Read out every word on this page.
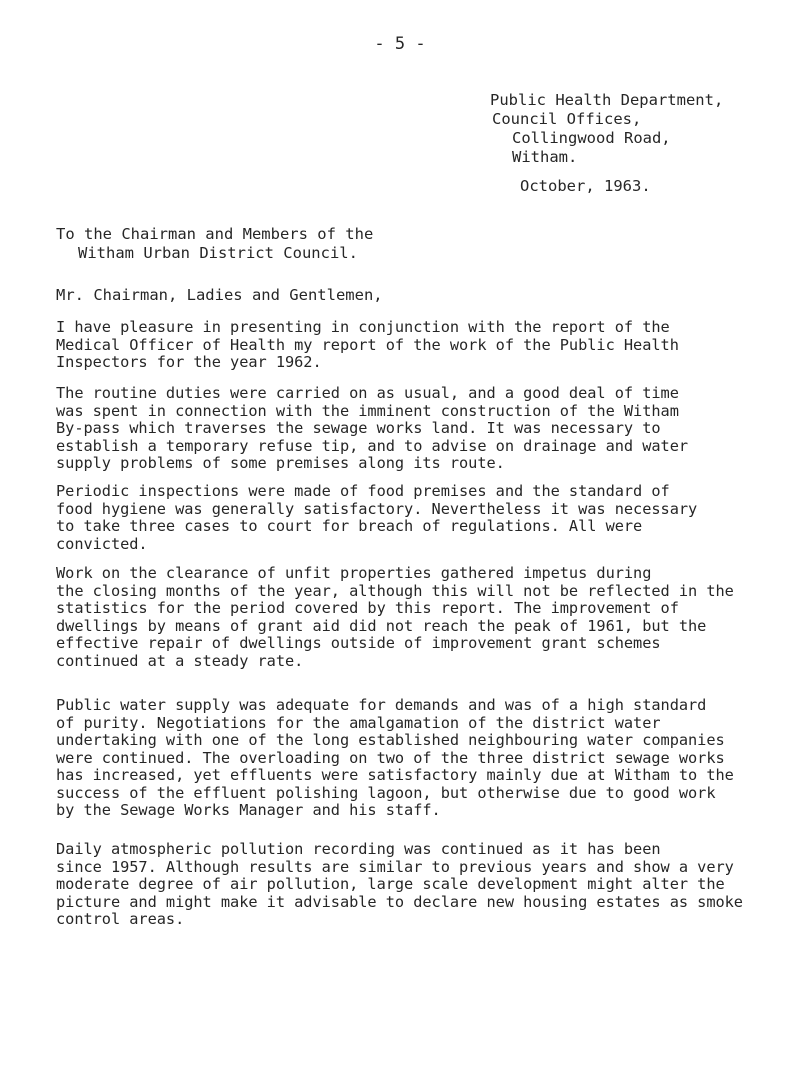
- 5 -
Public Health Department,
Council Offices,
Collingwood Road,
Witham.
October, 1963.
To the Chairman and Members of the
Witham Urban District Council.
Mr. Chairman, Ladies and Gentlemen,

I have pleasure in presenting in conjunction with the report of the
Medical Officer of Health my report of the work of the Public Health
Inspectors for the year 1962.

The routine duties were carried on as usual, and a good deal of time
was spent in connection with the imminent construction of the Witham
By-pass which traverses the sewage works land. It was necessary to
establish a temporary refuse tip, and to advise on drainage and water
supply problems of some premises along its route.

Periodic inspections were made of food premises and the standard of
food hygiene was generally satisfactory. Nevertheless it was necessary
to take three cases to court for breach of regulations. All were
convicted.

Work on the clearance of unfit properties gathered impetus during
the closing months of the year, although this will not be reflected in the
statistics for the period covered by this report. The improvement of
dwellings by means of grant aid did not reach the peak of 1961, but the
effective repair of dwellings outside of improvement grant schemes
continued at a steady rate.

Public water supply was adequate for demands and was of a high standard
of purity. Negotiations for the amalgamation of the district water
undertaking with one of the long established neighbouring water companies
were continued. The overloading on two of the three district sewage works
has increased, yet effluents were satisfactory mainly due at Witham to the
success of the effluent polishing lagoon, but otherwise due to good work
by the Sewage Works Manager and his staff.

Daily atmospheric pollution recording was continued as it has been
since 1957. Although results are similar to previous years and show a very
moderate degree of air pollution, large scale development might alter the
picture and might make it advisable to declare new housing estates as smoke
control areas.
